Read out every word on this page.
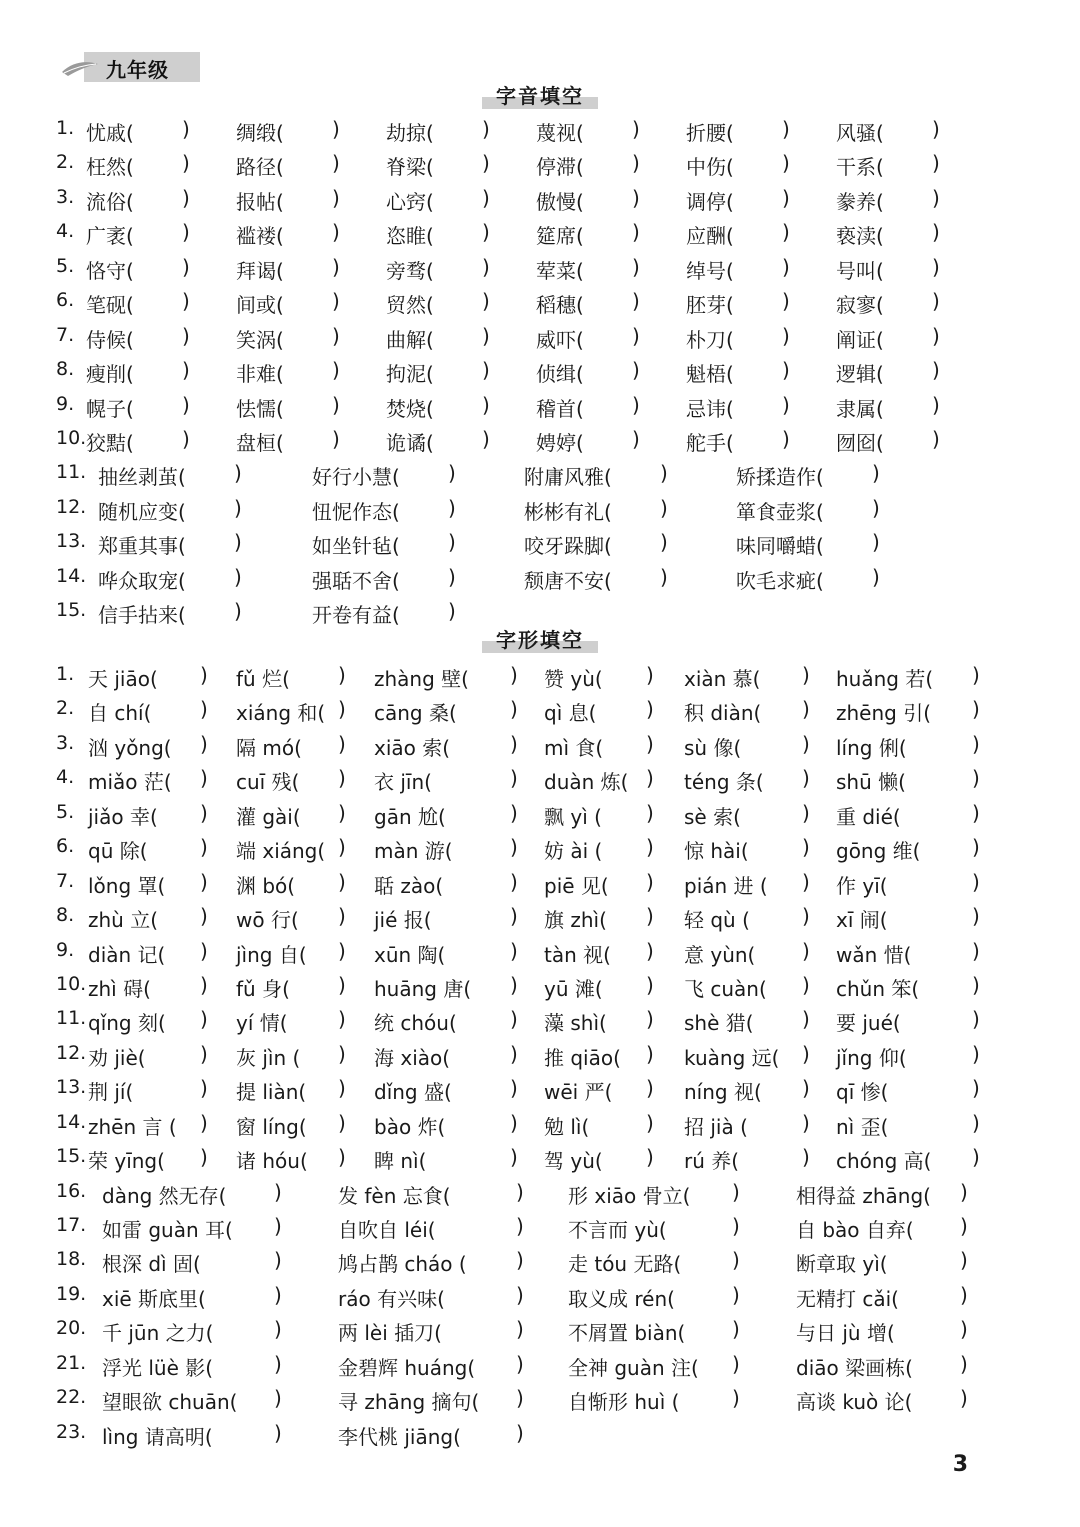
九年级
字音填空
1. 忧戚( ) 绸缎( ) 劫掠( ) 蔑视( ) 折腰( ) 风骚( )
2. 枉然( ) 路径( ) 脊梁( ) 停滞( ) 中伤( ) 干系( )
3. 流俗( ) 报帖( ) 心窍( ) 傲慢( ) 调停( ) 豢养( )
4. 广袤( ) 褴褛( ) 恣睢( ) 筵席( ) 应酬( ) 亵渎( )
5. 恪守( ) 拜谒( ) 旁骛( ) 荤菜( ) 绰号( ) 号叫( )
6. 笔砚( ) 间或( ) 贸然( ) 稻穗( ) 胚芽( ) 寂寥( )
7. 侍候( ) 笑涡( ) 曲解( ) 威吓( ) 朴刀( ) 阐证( )
8. 瘦削( ) 非难( ) 拘泥( ) 侦缉( ) 魁梧( ) 逻辑( )
9. 幌子( ) 怯懦( ) 焚烧( ) 稽首( ) 忌讳( ) 隶属( )
10. 狡黠( ) 盘桓( ) 诡谲( ) 娉婷( ) 舵手( ) 囫囵( )
11. 抽丝剥茧( )	好行小慧( )	附庸风雅( )	矫揉造作( )
12. 随机应变( )	忸怩作态( )	彬彬有礼( )	箪食壶浆( )
13. 郑重其事( )	如坐针毡( )	咬牙跺脚( )	味同嚼蜡( )
14. 哗众取宠( )	强聒不舍( )	颓唐不安( )	吹毛求疵( )
15. 信手拈来( )	开卷有益( )
字形填空
1. 天 jiāo( ) fǔ 烂( ) zhàng 壁( ) 赞 yù( ) xiàn 慕( ) huǎng 若( )
2. 自 chí( ) xiáng 和( ) cāng 桑(	) qì 息( ) 积 diàn( ) zhēng 引( )
3. 汹 yǒng( ) 隔 mó( ) xiāo 索(	) mì 食( ) sù 像(	) líng 俐(	)
4. miǎo 茫( ) cuī 残( ) 衣 jīn(	) duàn 炼( ) téng 条( ) shū 懒(	)
5. jiǎo 幸( ) 灌 gài( ) gān 尬(	) 飘 yì ( ) sè 索(	) 重 dié(	)
6. qū 除(	) 端 xiáng( ) màn 游(	) 妨 ài ( ) 惊 hài(	) gōng 维(	)
7. lǒng 罩( ) 渊 bó( ) 聒 zào(	) piē 见( ) pián 进 ( ) 作 yī(	)
8. zhù 立( ) wō 行( ) jié 报(	) 旗 zhì( ) 轻 qù (	) xī 闹(	)
9. diàn 记( ) jìng 自( ) xūn 陶(	) tàn 视( ) 意 yùn( ) wǎn 惜(	)
10. zhì 碍( ) fǔ 身( ) huāng 唐( ) yū 滩( ) 飞 cuàn( ) chǔn 笨(	)
11. qǐng 刻( ) yí 情(	) 统 chóu(	) 藻 shì( ) shè 猎( ) 要 jué(	)
12. 劝 jiè(	) 灰 jìn ( ) 海 xiào(	) 推 qiāo( ) kuàng 远( ) jǐng 仰(	)
13. 荆 jí(	) 提 liàn( ) dǐng 盛(	) wēi 严( ) níng 视( ) qī 惨(	)
14. zhēn 言 ( ) 窗 líng( ) bào 炸(	) 勉 lì(	) 招 jià (	) nì 歪(	)
15. 荣 yīng( ) 诸 hóu( ) 睥 nì(	) 驾 yù( ) rú 养(	) chóng 高( )
16. dàng 然无存( )	发 fèn 忘食(	) 形 xiāo 骨立( )	相得益 zhāng( )
17. 如雷 guàn 耳( )	自吹自 léi(	) 不言而 yù(	)	自 bào 自弃( )
18. 根深 dì 固(	)	鸠占鹊 cháo ( ) 走 tóu 无路(	)	断章取 yì(	)
19. xiē 斯底里(	)	ráo 有兴味(	) 取义成 rén(	)	无精打 cǎi(	)
20. 千 jūn 之力(	)	两 lèi 插刀(	) 不屑置 biàn( )	与日 jù 增(	)
21. 浮光 lüè 影(	)	金碧辉 huáng( ) 全神 guàn 注( )	diāo 梁画栋( )
22. 望眼欲 chuān( )	寻 zhāng 摘句( ) 自惭形 huì (	)	高谈 kuò 论( )
23. lìng 请高明(	)	李代桃 jiāng(	)
3
